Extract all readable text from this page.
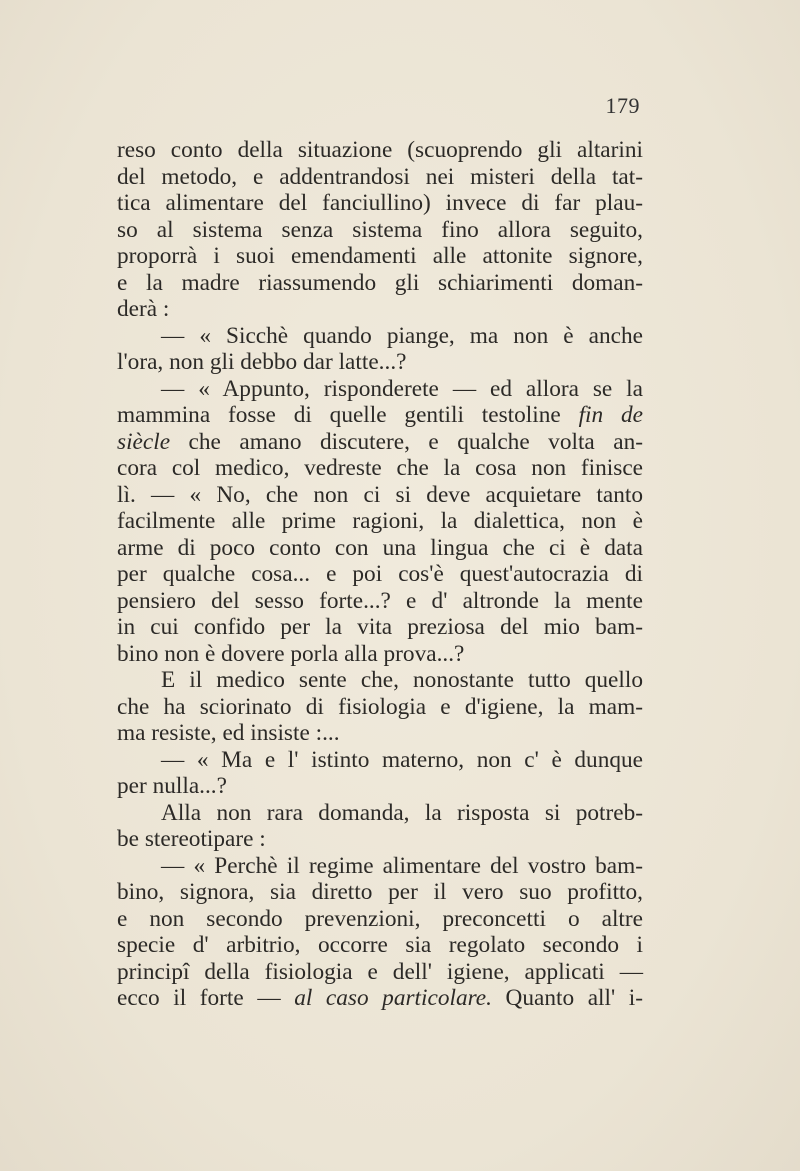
179
reso conto della situazione (scuoprendo gli altarini
del metodo, e addentrandosi nei misteri della tat-
tica alimentare del fanciullino) invece di far plau-
so al sistema senza sistema fino allora seguito,
proporrà i suoi emendamenti alle attonite signore,
e la madre riassumendo gli schiarimenti doman-
derà :
— « Sicchè quando piange, ma non è anche
l'ora, non gli debbo dar latte...?
— « Appunto, risponderete — ed allora se la
mammina fosse di quelle gentili testoline fin de
siècle che amano discutere, e qualche volta an-
cora col medico, vedreste che la cosa non finisce
lì. — « No, che non ci si deve acquietare tanto
facilmente alle prime ragioni, la dialettica, non è
arme di poco conto con una lingua che ci è data
per qualche cosa... e poi cos'è quest'autocrazia di
pensiero del sesso forte...? e d' altronde la mente
in cui confido per la vita preziosa del mio bam-
bino non è dovere porla alla prova...?
E il medico sente che, nonostante tutto quello
che ha sciorinato di fisiologia e d'igiene, la mam-
ma resiste, ed insiste :...
— « Ma e l' istinto materno, non c' è dunque
per nulla...?
Alla non rara domanda, la risposta si potreb-
be stereotipare :
— « Perchè il regime alimentare del vostro bam-
bino, signora, sia diretto per il vero suo profitto,
e non secondo prevenzioni, preconcetti o altre
specie d' arbitrio, occorre sia regolato secondo i
principî della fisiologia e dell' igiene, applicati —
ecco il forte — al caso particolare. Quanto all' i-
